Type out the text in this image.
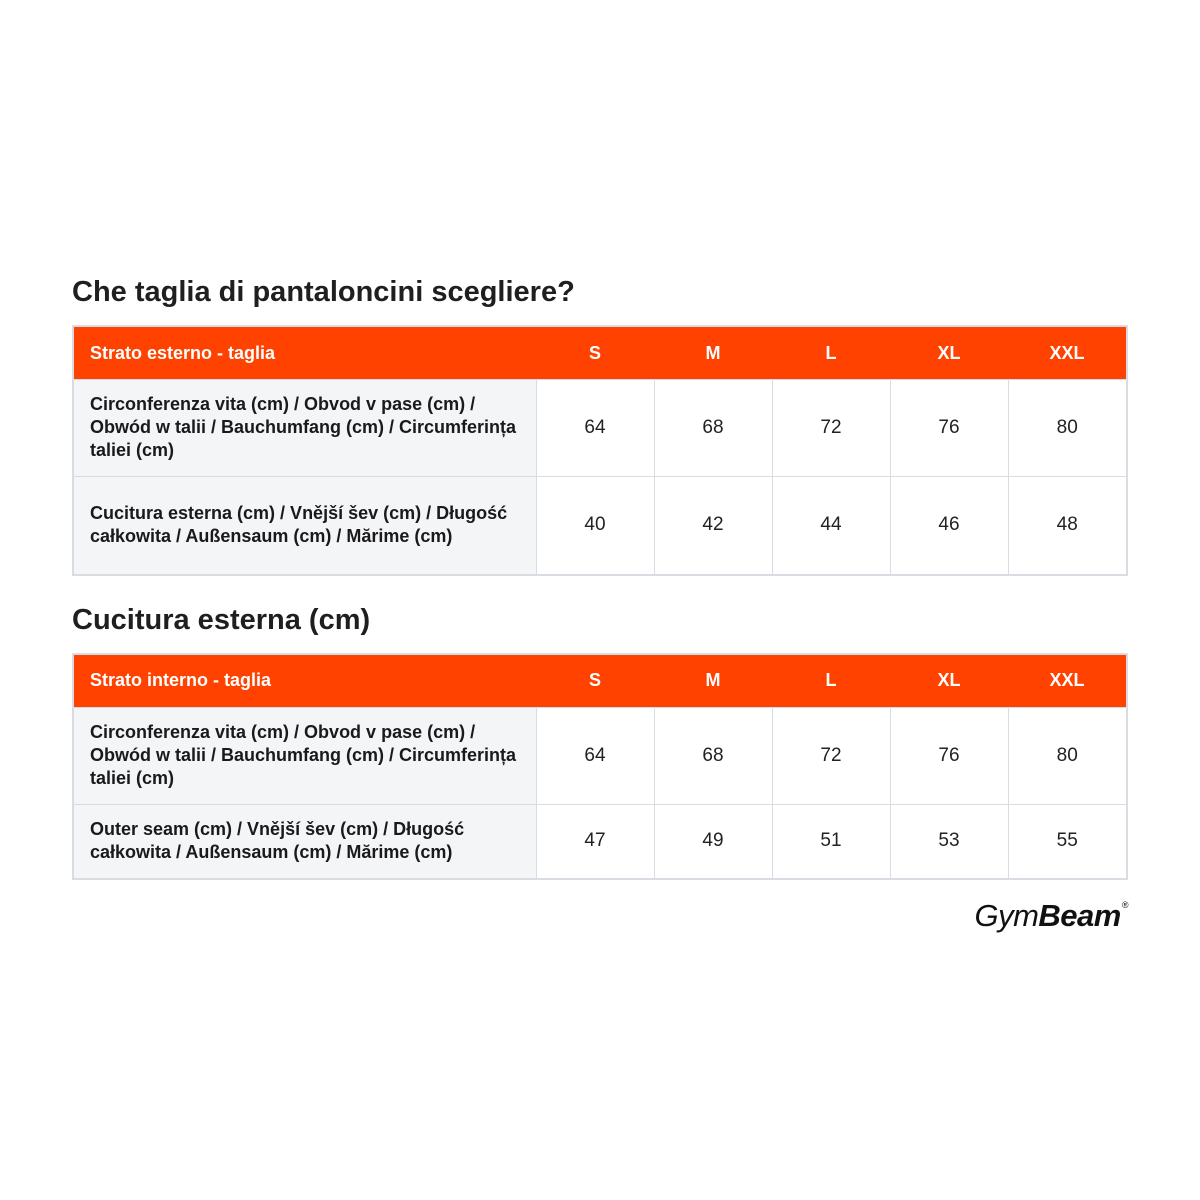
Che taglia di pantaloncini scegliere?
Strato esterno - taglia	S	M	L	XL	XXL
Circonferenza vita (cm) / Obvod v pase (cm) / Obwód w talii / Bauchumfang (cm) / Circumferința taliei (cm)	64	68	72	76	80
Cucitura esterna (cm) / Vnější šev (cm) / Długość całkowita / Außensaum (cm) / Mărime (cm)	40	42	44	46	48
Cucitura esterna (cm)
Strato interno - taglia	S	M	L	XL	XXL
Circonferenza vita (cm) / Obvod v pase (cm) / Obwód w talii / Bauchumfang (cm) / Circumferința taliei (cm)	64	68	72	76	80
Outer seam (cm) / Vnější šev (cm) / Długość całkowita / Außensaum (cm) / Mărime (cm)	47	49	51	53	55
Gym Beam ®
